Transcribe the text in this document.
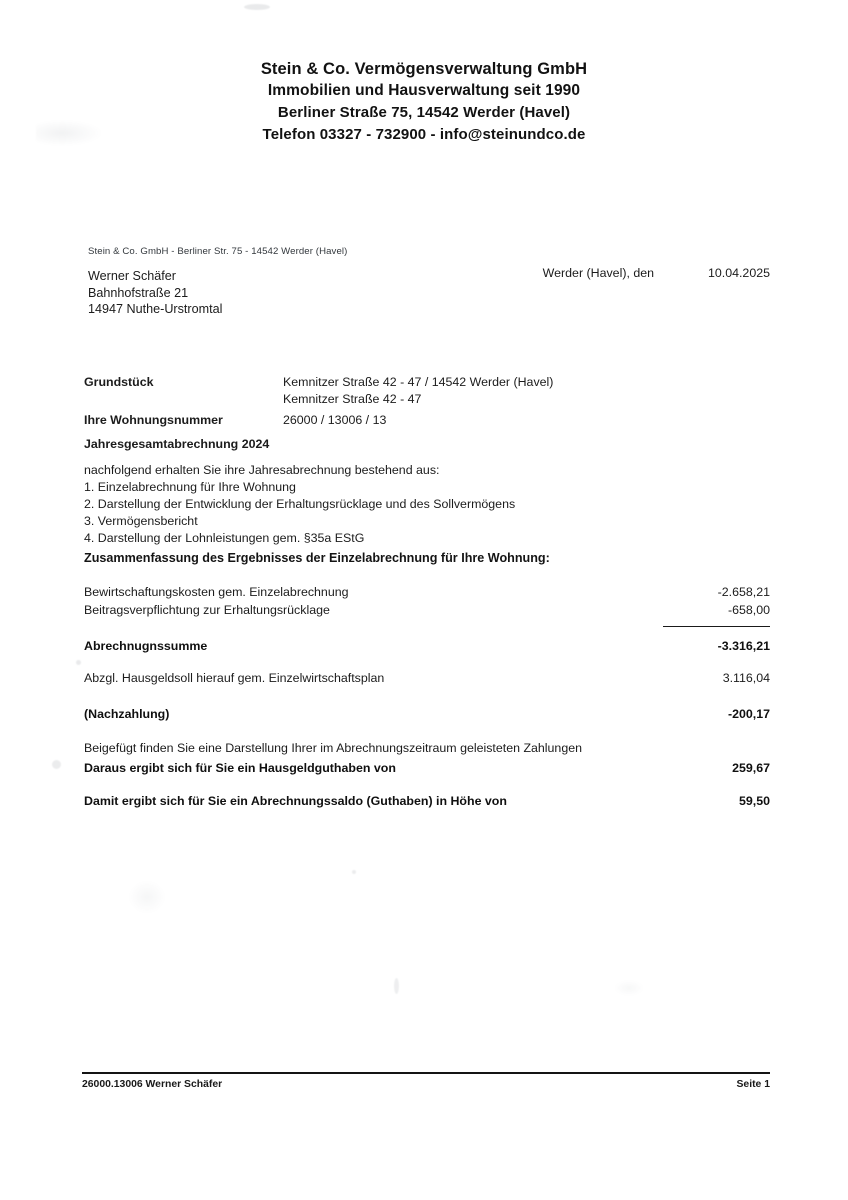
Stein & Co. Vermögensverwaltung GmbH
Immobilien und Hausverwaltung seit 1990
Berliner Straße 75, 14542 Werder (Havel)
Telefon 03327 - 732900 - info@steinundco.de
Stein & Co. GmbH - Berliner Str. 75 - 14542 Werder (Havel)
Werner Schäfer
Bahnhofstraße 21
14947 Nuthe-Urstromtal
Werder (Havel), den	10.04.2025
Grundstück	Kemnitzer Straße 42 - 47 / 14542 Werder (Havel)
Kemnitzer Straße 42 - 47
Ihre Wohnungsnummer	26000 / 13006 / 13
Jahresgesamtabrechnung 2024
nachfolgend erhalten Sie ihre Jahresabrechnung bestehend aus:
1. Einzelabrechnung für Ihre Wohnung
2. Darstellung der Entwicklung der Erhaltungsrücklage und des Sollvermögens
3. Vermögensbericht
4. Darstellung der Lohnleistungen gem. §35a EStG
Zusammenfassung des Ergebnisses der Einzelabrechnung für Ihre Wohnung:
Bewirtschaftungskosten gem. Einzelabrechnung	-2.658,21
Beitragsverpflichtung zur Erhaltungsrücklage	-658,00
Abrechnugnssumme	-3.316,21
Abzgl. Hausgeldsoll hierauf gem. Einzelwirtschaftsplan	3.116,04
(Nachzahlung)	-200,17
Beigefügt finden Sie eine Darstellung Ihrer im Abrechnungszeitraum geleisteten Zahlungen
Daraus ergibt sich für Sie ein Hausgeldguthaben von	259,67
Damit ergibt sich für Sie ein Abrechnungssaldo (Guthaben) in Höhe von	59,50
26000.13006 Werner Schäfer	Seite 1
